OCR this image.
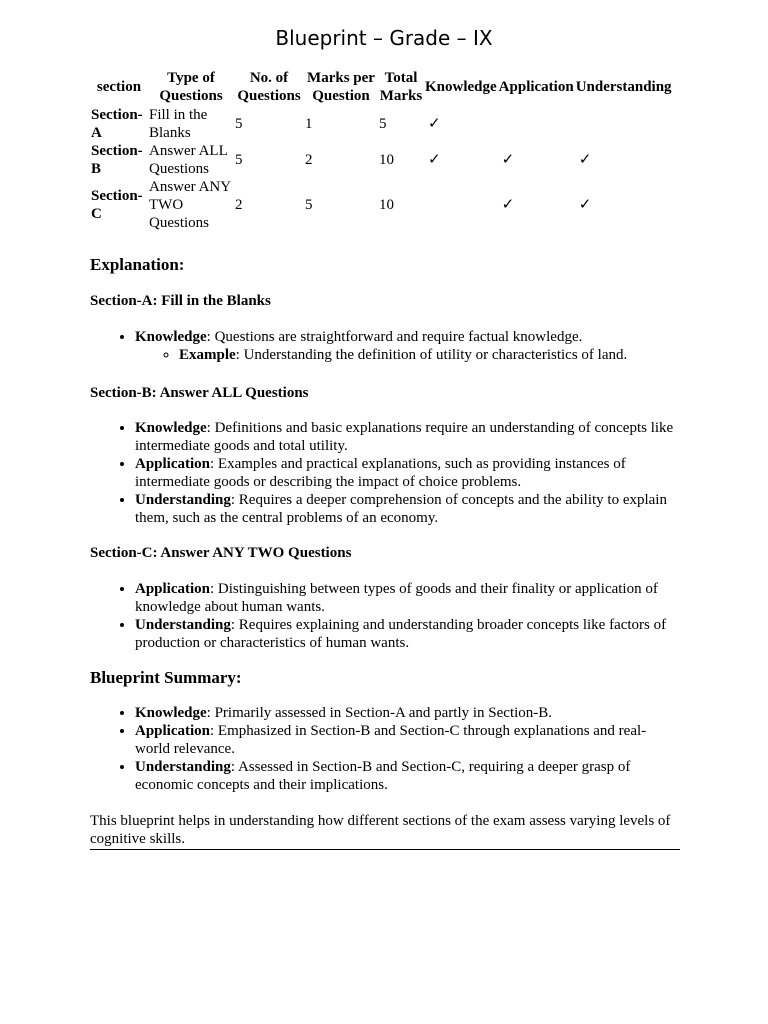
Blueprint – Grade – IX
section	Type of Questions	No. of Questions	Marks per Question	Total Marks	Knowledge	Application	Understanding
Section-A	Fill in the Blanks	5	1	5	✓		
Section-B	Answer ALL Questions	5	2	10	✓	✓	✓
Section-C	Answer ANY TWO Questions	2	5	10		✓	✓
Explanation:
Section-A: Fill in the Blanks
• Knowledge: Questions are straightforward and require factual knowledge.
◦ Example: Understanding the definition of utility or characteristics of land.
Section-B: Answer ALL Questions
• Knowledge: Definitions and basic explanations require an understanding of concepts like intermediate goods and total utility.
• Application: Examples and practical explanations, such as providing instances of intermediate goods or describing the impact of choice problems.
• Understanding: Requires a deeper comprehension of concepts and the ability to explain them, such as the central problems of an economy.
Section-C: Answer ANY TWO Questions
• Application: Distinguishing between types of goods and their finality or application of knowledge about human wants.
• Understanding: Requires explaining and understanding broader concepts like factors of production or characteristics of human wants.
Blueprint Summary:
• Knowledge: Primarily assessed in Section-A and partly in Section-B.
• Application: Emphasized in Section-B and Section-C through explanations and real-world relevance.
• Understanding: Assessed in Section-B and Section-C, requiring a deeper grasp of economic concepts and their implications.

This blueprint helps in understanding how different sections of the exam assess varying levels of cognitive skills.
